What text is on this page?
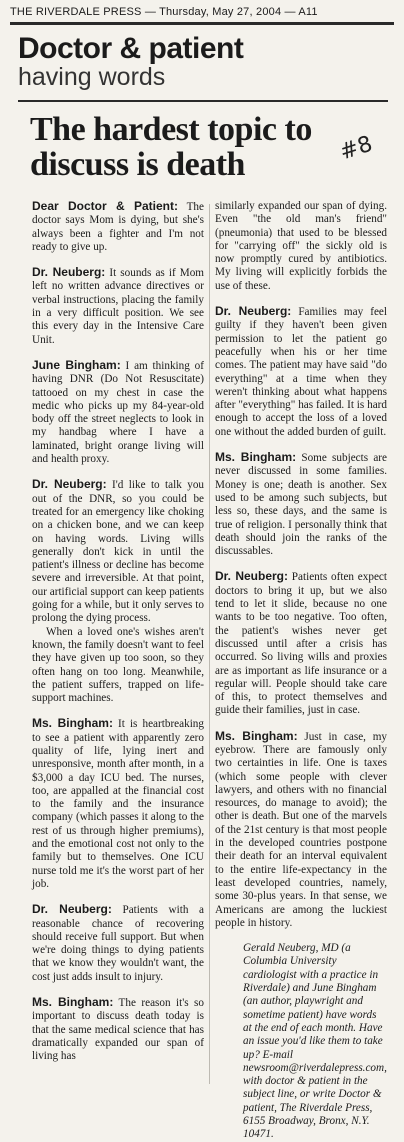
THE RIVERDALE PRESS — Thursday, May 27, 2004 — A11
Doctor & patient
having words
The hardest topic to discuss is death	#8

Dear Doctor & Patient: The doctor says Mom is dying, but she's always been a fighter and I'm not ready to give up.

Dr. Neuberg: It sounds as if Mom left no written advance directives or verbal instructions, placing the family in a very difficult position. We see this every day in the Intensive Care Unit.

June Bingham: I am thinking of having DNR (Do Not Resuscitate) tattooed on my chest in case the medic who picks up my 84-year-old body off the street neglects to look in my handbag where I have a laminated, bright orange living will and health proxy.

Dr. Neuberg: I'd like to talk you out of the DNR, so you could be treated for an emergency like choking on a chicken bone, and we can keep on having words. Living wills generally don't kick in until the patient's illness or decline has become severe and irreversible. At that point, our artificial support can keep patients going for a while, but it only serves to prolong the dying process.

When a loved one's wishes aren't known, the family doesn't want to feel they have given up too soon, so they often hang on too long. Meanwhile, the patient suffers, trapped on life-support machines.

Ms. Bingham: It is heartbreaking to see a patient with apparently zero quality of life, lying inert and unresponsive, month after month, in a $3,000 a day ICU bed. The nurses, too, are appalled at the financial cost to the family and the insurance company (which passes it along to the rest of us through higher premiums), and the emotional cost not only to the family but to themselves. One ICU nurse told me it's the worst part of her job.

Dr. Neuberg: Patients with a reasonable chance of recovering should receive full support. But when we're doing things to dying patients that we know they wouldn't want, the cost just adds insult to injury.

Ms. Bingham: The reason it's so important to discuss death today is that the same medical science that has dramatically expanded our span of living has

similarly expanded our span of dying. Even "the old man's friend" (pneumonia) that used to be blessed for "carrying off" the sickly old is now promptly cured by antibiotics. My living will explicitly forbids the use of these.

Dr. Neuberg: Families may feel guilty if they haven't been given permission to let the patient go peacefully when his or her time comes. The patient may have said "do everything" at a time when they weren't thinking about what happens after "everything" has failed. It is hard enough to accept the loss of a loved one without the added burden of guilt.

Ms. Bingham: Some subjects are never discussed in some families. Money is one; death is another. Sex used to be among such subjects, but less so, these days, and the same is true of religion. I personally think that death should join the ranks of the discussables.

Dr. Neuberg: Patients often expect doctors to bring it up, but we also tend to let it slide, because no one wants to be too negative. Too often, the patient's wishes never get discussed until after a crisis has occurred. So living wills and proxies are as important as life insurance or a regular will. People should take care of this, to protect themselves and guide their families, just in case.

Ms. Bingham: Just in case, my eyebrow. There are famously only two certainties in life. One is taxes (which some people with clever lawyers, and others with no financial resources, do manage to avoid); the other is death. But one of the marvels of the 21st century is that most people in the developed countries postpone their death for an interval equivalent to the entire life-expectancy in the least developed countries, namely, some 30-plus years. In that sense, we Americans are among the luckiest people in history.

Gerald Neuberg, MD (a Columbia University cardiologist with a practice in Riverdale) and June Bingham (an author, playwright and sometime patient) have words at the end of each month. Have an issue you'd like them to take up? E-mail newsroom@riverdalepress.com, with doctor & patient in the subject line, or write Doctor & patient, The Riverdale Press, 6155 Broadway, Bronx, N.Y. 10471.
